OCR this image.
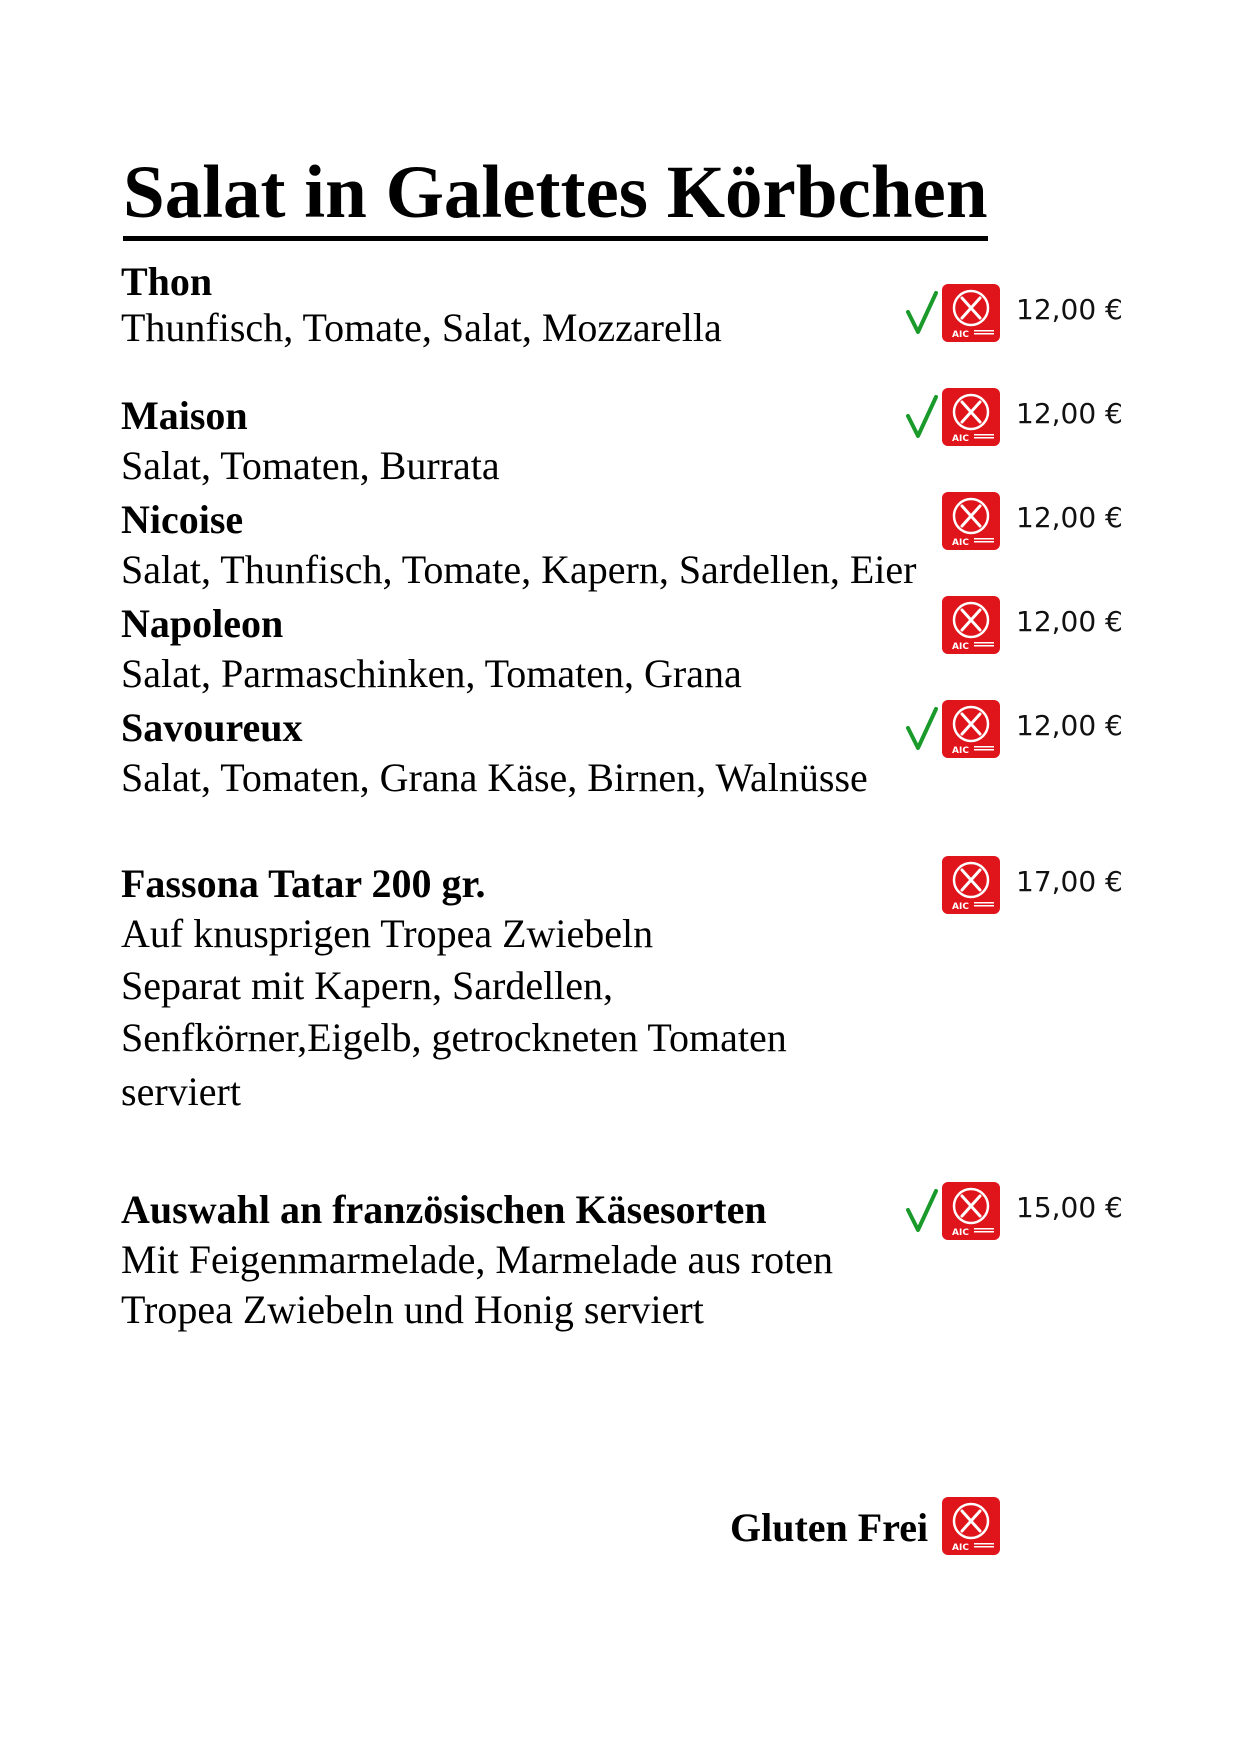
Salat in Galettes Körbchen
Thon
Thunfisch, Tomate, Salat, Mozzarella	12,00 €
Maison
Salat, Tomaten, Burrata
12,00 €
Nicoise
Salat, Thunfisch, Tomate, Kapern, Sardellen, Eier
12,00 €
Napoleon
Salat, Parmaschinken, Tomaten, Grana
12,00 €
Savoureux
Salat, Tomaten, Grana Käse, Birnen, Walnüsse
12,00 €
Fassona Tatar 200 gr.
Auf knusprigen Tropea Zwiebeln
Separat mit Kapern, Sardellen,
Senfkörner,Eigelb, getrockneten Tomaten
serviert
17,00 €
Auswahl an französischen Käsesorten
Mit Feigenmarmelade, Marmelade aus roten
Tropea Zwiebeln und Honig serviert
15,00 €
AIC
AIC
AIC
AIC
AIC
AIC
AIC
Gluten Frei	AIC
